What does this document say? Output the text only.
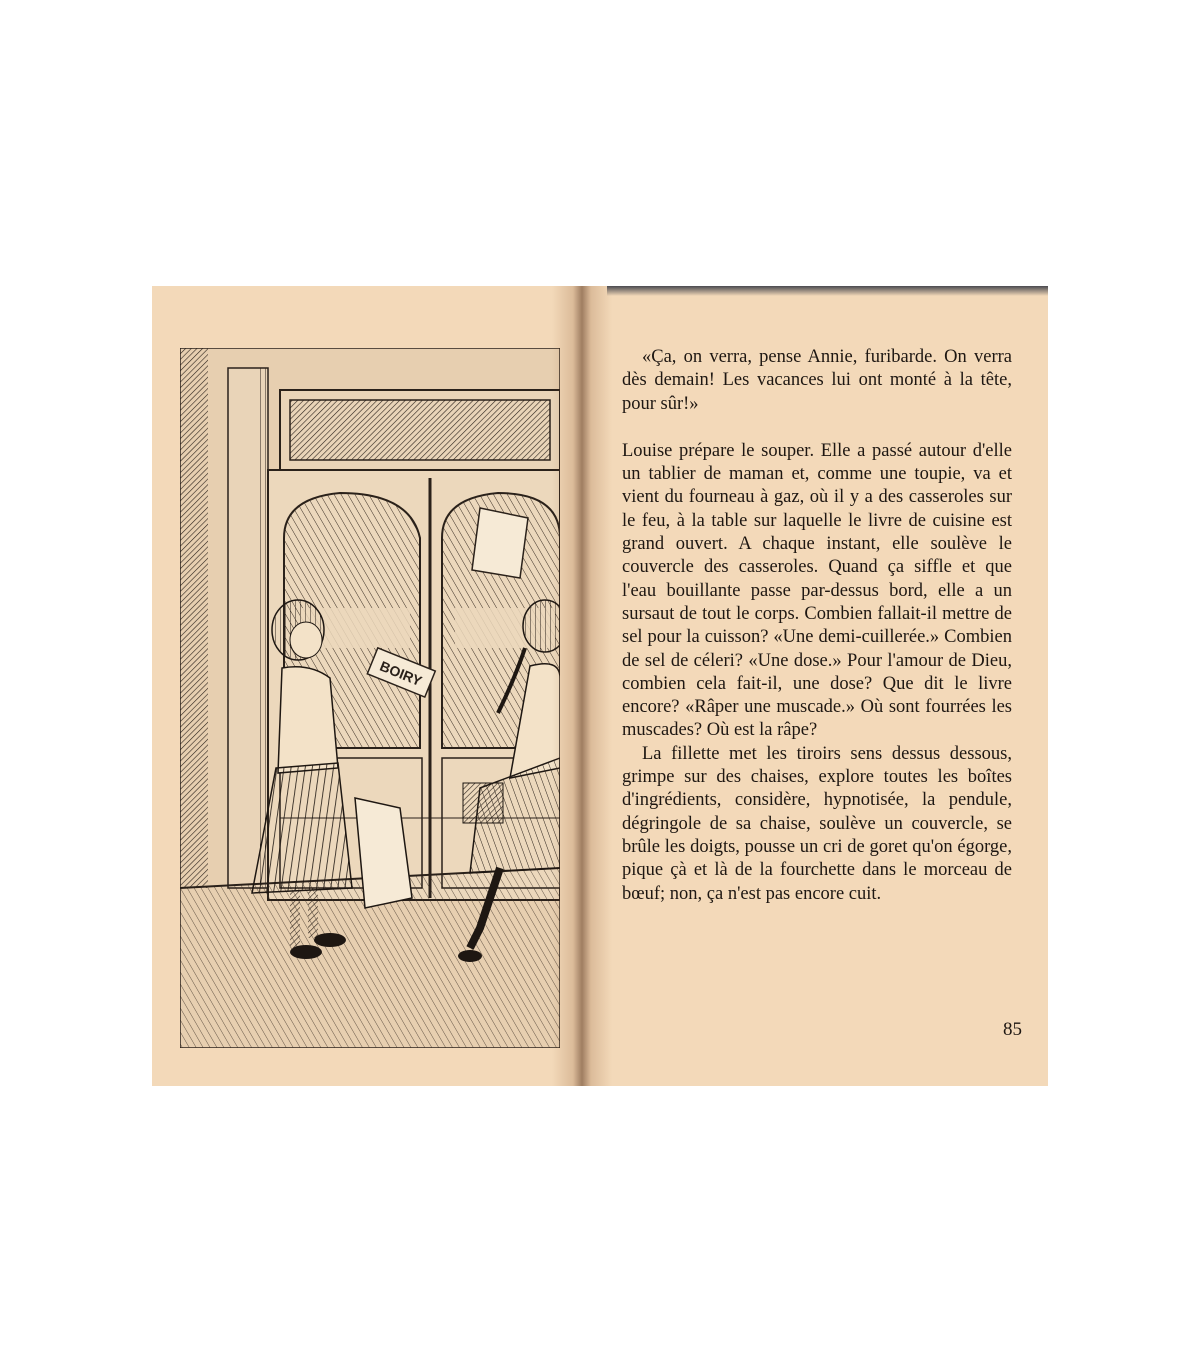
BOIRY

«Ça, on verra, pense Annie, furibarde. On verra dès demain! Les vacances lui ont monté à la tête, pour sûr!»

Louise prépare le souper. Elle a passé autour d'elle un tablier de maman et, comme une toupie, va et vient du fourneau à gaz, où il y a des casseroles sur le feu, à la table sur laquelle le livre de cuisine est grand ouvert. A chaque instant, elle soulève le couvercle des casseroles. Quand ça siffle et que l'eau bouillante passe par-dessus bord, elle a un sursaut de tout le corps. Combien fallait-il mettre de sel pour la cuisson? «Une demi-cuillerée.» Combien de sel de céleri? «Une dose.» Pour l'amour de Dieu, combien cela fait-il, une dose? Que dit le livre encore? «Râper une muscade.» Où sont fourrées les muscades? Où est la râpe?

La fillette met les tiroirs sens dessus dessous, grimpe sur des chaises, explore toutes les boîtes d'ingrédients, considère, hypnotisée, la pendule, dégringole de sa chaise, soulève un couvercle, se brûle les doigts, pousse un cri de goret qu'on égorge, pique çà et là de la fourchette dans le morceau de bœuf; non, ça n'est pas encore cuit.

85
